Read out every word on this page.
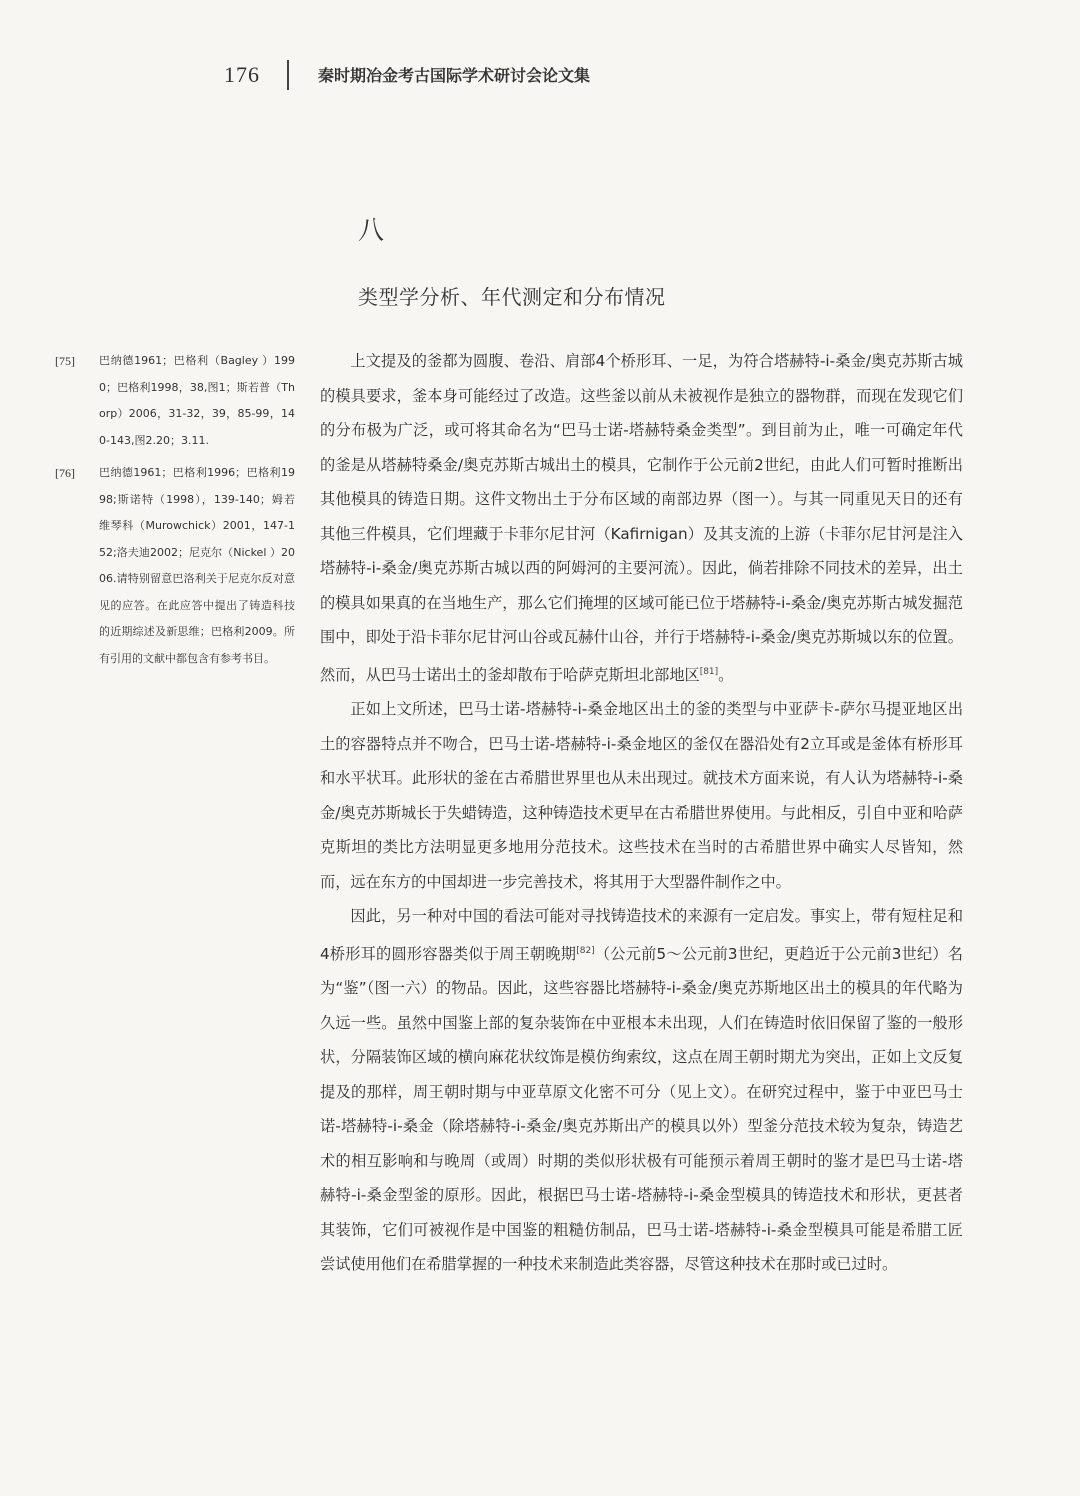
176	秦时期冶金考古国际学术研讨会论文集
八
类型学分析、年代测定和分布情况
[75] 巴纳德1961；巴格利（Bagley ）1990；巴格利1998，38,图1；斯若普（Thorp）2006，31-32，39，85-99，140-143,图2.20；3.11.
[76] 巴纳德1961；巴格利1996；巴格利1998;斯诺特（1998），139-140；姆若维琴科（Murowchick）2001，147-152;洛夫迪2002；尼克尔（Nickel ）2006.请特别留意巴洛利关于尼克尔反对意见的应答。在此应答中提出了铸造科技的近期综述及新思维；巴格利2009。所有引用的文献中都包含有参考书目。

上文提及的釜都为圆腹、卷沿、肩部4个桥形耳、一足，为符合塔赫特-i-桑金/奥克苏斯古城的模具要求，釜本身可能经过了改造。这些釜以前从未被视作是独立的器物群，而现在发现它们的分布极为广泛，或可将其命名为“巴马士诺-塔赫特桑金类型”。到目前为止，唯一可确定年代的釜是从塔赫特桑金/奥克苏斯古城出土的模具，它制作于公元前2世纪，由此人们可暂时推断出其他模具的铸造日期。这件文物出土于分布区域的南部边界（图一）。与其一同重见天日的还有其他三件模具，它们埋藏于卡菲尔尼甘河（Kafirnigan）及其支流的上游（卡菲尔尼甘河是注入塔赫特-i-桑金/奥克苏斯古城以西的阿姆河的主要河流）。因此，倘若排除不同技术的差异，出土的模具如果真的在当地生产，那么它们掩埋的区域可能已位于塔赫特-i-桑金/奥克苏斯古城发掘范围中，即处于沿卡菲尔尼甘河山谷或瓦赫什山谷，并行于塔赫特-i-桑金/奥克苏斯城以东的位置。然而，从巴马士诺出土的釜却散布于哈萨克斯坦北部地区[81]。

正如上文所述，巴马士诺-塔赫特-i-桑金地区出土的釜的类型与中亚萨卡-萨尔马提亚地区出土的容器特点并不吻合，巴马士诺-塔赫特-i-桑金地区的釜仅在器沿处有2立耳或是釜体有桥形耳和水平状耳。此形状的釜在古希腊世界里也从未出现过。就技术方面来说，有人认为塔赫特-i-桑金/奥克苏斯城长于失蜡铸造，这种铸造技术更早在古希腊世界使用。与此相反，引自中亚和哈萨克斯坦的类比方法明显更多地用分范技术。这些技术在当时的古希腊世界中确实人尽皆知，然而，远在东方的中国却进一步完善技术，将其用于大型器件制作之中。

因此，另一种对中国的看法可能对寻找铸造技术的来源有一定启发。事实上，带有短柱足和4桥形耳的圆形容器类似于周王朝晚期[82]（公元前5～公元前3世纪，更趋近于公元前3世纪）名为“鉴”（图一六）的物品。因此，这些容器比塔赫特-i-桑金/奥克苏斯地区出土的模具的年代略为久远一些。虽然中国鉴上部的复杂装饰在中亚根本未出现，人们在铸造时依旧保留了鉴的一般形状，分隔装饰区域的横向麻花状纹饰是模仿绚索纹，这点在周王朝时期尤为突出，正如上文反复提及的那样，周王朝时期与中亚草原文化密不可分（见上文）。在研究过程中，鉴于中亚巴马士诺-塔赫特-i-桑金（除塔赫特-i-桑金/奥克苏斯出产的模具以外）型釜分范技术较为复杂，铸造艺术的相互影响和与晚周（或周）时期的类似形状极有可能预示着周王朝时的鉴才是巴马士诺-塔赫特-i-桑金型釜的原形。因此，根据巴马士诺-塔赫特-i-桑金型模具的铸造技术和形状，更甚者其装饰，它们可被视作是中国鉴的粗糙仿制品，巴马士诺-塔赫特-i-桑金型模具可能是希腊工匠尝试使用他们在希腊掌握的一种技术来制造此类容器，尽管这种技术在那时或已过时。
